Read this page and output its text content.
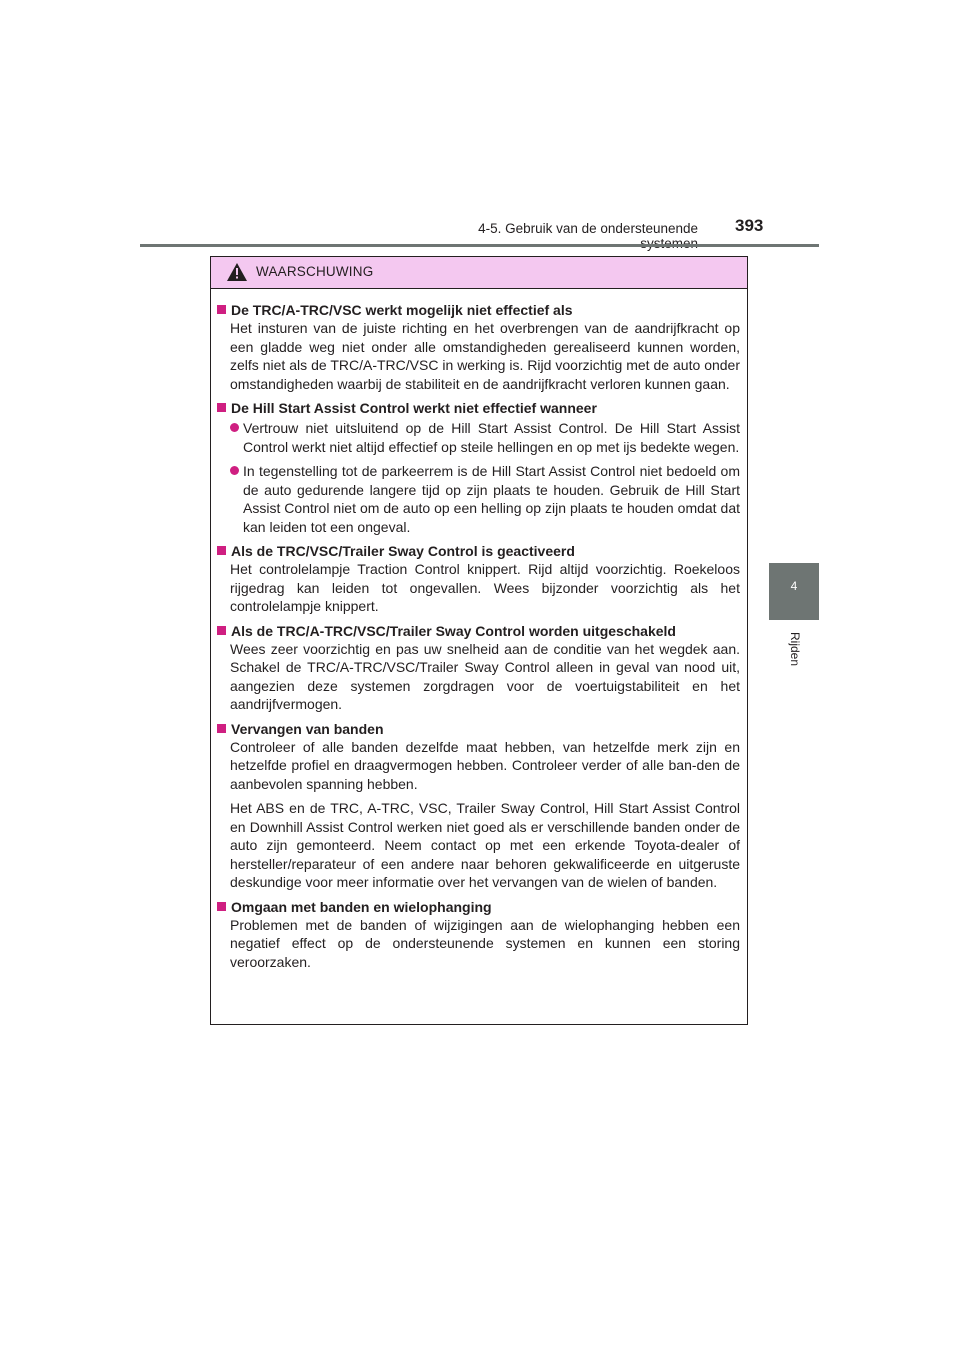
4-5. Gebruik van de ondersteunende 393
4
Rijden
WAARSCHUWING
De TRC/A-TRC/VSC werkt mogelijk niet effectief als
Het insturen van de juiste richting en het overbrengen van de aandrijfkracht op een gladde weg niet onder alle omstandigheden gerealiseerd kunnen worden, zelfs niet als de TRC/A-TRC/VSC in werking is. Rijd voorzichtig met de auto onder omstandigheden waarbij de stabiliteit en de aandrijfkracht verloren kunnen gaan.
De Hill Start Assist Control werkt niet effectief wanneer
Vertrouw niet uitsluitend op de Hill Start Assist Control. De Hill Start Assist Control werkt niet altijd effectief op steile hellingen en op met ijs bedekte wegen.
In tegenstelling tot de parkeerrem is de Hill Start Assist Control niet bedoeld om de auto gedurende langere tijd op zijn plaats te houden. Gebruik de Hill Start Assist Control niet om de auto op een helling op zijn plaats te houden omdat dat kan leiden tot een ongeval.
Als de TRC/VSC/Trailer Sway Control is geactiveerd
Het controlelampje Traction Control knippert. Rijd altijd voorzichtig. Roekeloos rijgedrag kan leiden tot ongevallen. Wees bijzonder voorzichtig als het controlelampje knippert.
Als de TRC/A-TRC/VSC/Trailer Sway Control worden uitgeschakeld
Wees zeer voorzichtig en pas uw snelheid aan de conditie van het wegdek aan. Schakel de TRC/A-TRC/VSC/Trailer Sway Control alleen in geval van nood uit, aangezien deze systemen zorgdragen voor de voertuigstabiliteit en het aandrijfvermogen.
Vervangen van banden
Controleer of alle banden dezelfde maat hebben, van hetzelfde merk zijn en hetzelfde profiel en draagvermogen hebben. Controleer verder of alle ban-den de aanbevolen spanning hebben.
Het ABS en de TRC, A-TRC, VSC, Trailer Sway Control, Hill Start Assist Control en Downhill Assist Control werken niet goed als er verschillende banden onder de auto zijn gemonteerd. Neem contact op met een erkende Toyota-dealer of hersteller/reparateur of een andere naar behoren gekwalificeerde en uitgeruste deskundige voor meer informatie over het vervangen van de wielen of banden.
Omgaan met banden en wielophanging
Problemen met de banden of wijzigingen aan de wielophanging hebben een negatief effect op de ondersteunende systemen en kunnen een storing veroorzaken.
